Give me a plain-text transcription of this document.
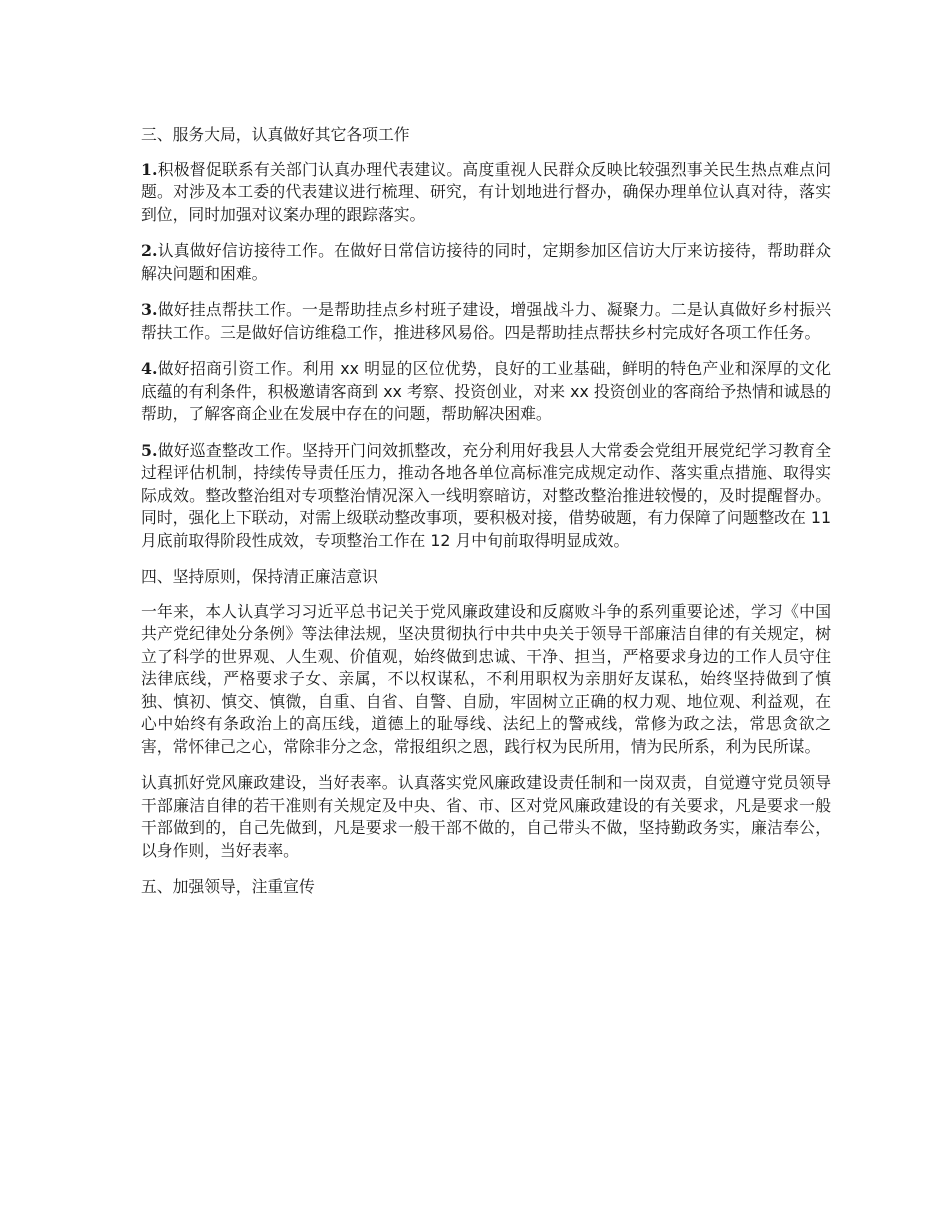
三、服务大局，认真做好其它各项工作

1.积极督促联系有关部门认真办理代表建议。高度重视人民群众反映比较强烈事关民生热点难点问题。对涉及本工委的代表建议进行梳理、研究，有计划地进行督办，确保办理单位认真对待，落实到位，同时加强对议案办理的跟踪落实。

2.认真做好信访接待工作。在做好日常信访接待的同时，定期参加区信访大厅来访接待，帮助群众解决问题和困难。

3.做好挂点帮扶工作。一是帮助挂点乡村班子建设，增强战斗力、凝聚力。二是认真做好乡村振兴帮扶工作。三是做好信访维稳工作，推进移风易俗。四是帮助挂点帮扶乡村完成好各项工作任务。

4.做好招商引资工作。利用 xx 明显的区位优势，良好的工业基础，鲜明的特色产业和深厚的文化底蕴的有利条件，积极邀请客商到 xx 考察、投资创业，对来 xx 投资创业的客商给予热情和诚恳的帮助，了解客商企业在发展中存在的问题，帮助解决困难。

5.做好巡查整改工作。坚持开门问效抓整改，充分利用好我县人大常委会党组开展党纪学习教育全过程评估机制，持续传导责任压力，推动各地各单位高标准完成规定动作、落实重点措施、取得实际成效。整改整治组对专项整治情况深入一线明察暗访，对整改整治推进较慢的，及时提醒督办。同时，强化上下联动，对需上级联动整改事项，要积极对接，借势破题，有力保障了问题整改在 11 月底前取得阶段性成效，专项整治工作在 12 月中旬前取得明显成效。

四、坚持原则，保持清正廉洁意识

一年来，本人认真学习习近平总书记关于党风廉政建设和反腐败斗争的系列重要论述，学习《中国共产党纪律处分条例》等法律法规，坚决贯彻执行中共中央关于领导干部廉洁自律的有关规定，树立了科学的世界观、人生观、价值观，始终做到忠诚、干净、担当，严格要求身边的工作人员守住法律底线，严格要求子女、亲属，不以权谋私，不利用职权为亲朋好友谋私，始终坚持做到了慎独、慎初、慎交、慎微，自重、自省、自警、自励，牢固树立正确的权力观、地位观、利益观，在心中始终有条政治上的高压线，道德上的耻辱线、法纪上的警戒线，常修为政之法，常思贪欲之害，常怀律己之心，常除非分之念，常报组织之恩，践行权为民所用，情为民所系，利为民所谋。

认真抓好党风廉政建设，当好表率。认真落实党风廉政建设责任制和一岗双责，自觉遵守党员领导干部廉洁自律的若干准则有关规定及中央、省、市、区对党风廉政建设的有关要求，凡是要求一般干部做到的，自己先做到，凡是要求一般干部不做的，自己带头不做，坚持勤政务实，廉洁奉公，以身作则，当好表率。

五、加强领导，注重宣传
